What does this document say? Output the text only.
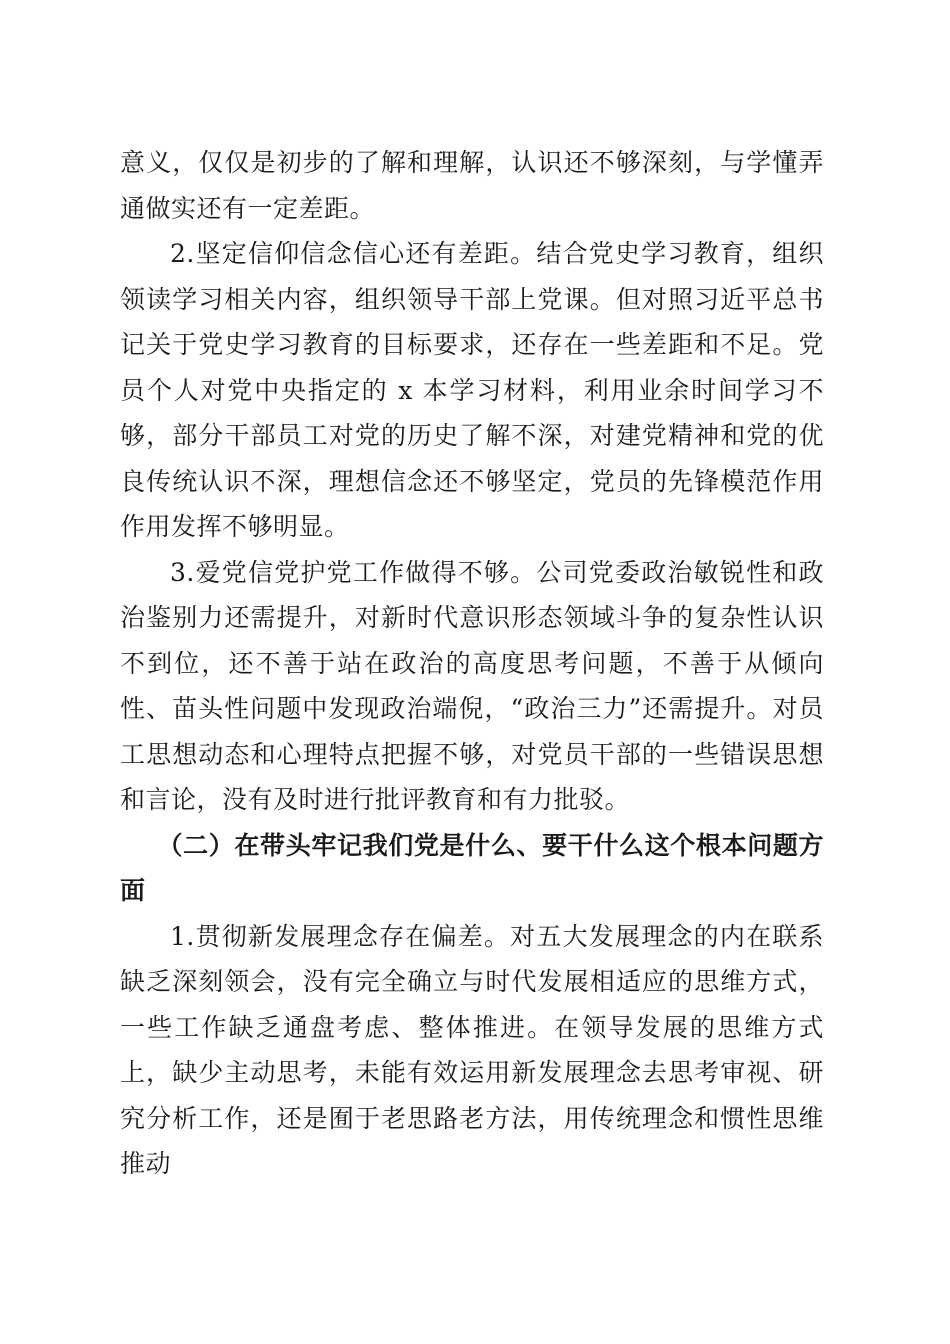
意义，仅仅是初步的了解和理解，认识还不够深刻，与学懂弄通做实还有一定差距。

2.坚定信仰信念信心还有差距。结合党史学习教育，组织领读学习相关内容，组织领导干部上党课。但对照习近平总书记关于党史学习教育的目标要求，还存在一些差距和不足。党员个人对党中央指定的 x 本学习材料，利用业余时间学习不够，部分干部员工对党的历史了解不深，对建党精神和党的优良传统认识不深，理想信念还不够坚定，党员的先锋模范作用作用发挥不够明显。

3.爱党信党护党工作做得不够。公司党委政治敏锐性和政治鉴别力还需提升，对新时代意识形态领域斗争的复杂性认识不到位，还不善于站在政治的高度思考问题，不善于从倾向性、苗头性问题中发现政治端倪，“政治三力”还需提升。对员工思想动态和心理特点把握不够，对党员干部的一些错误思想和言论，没有及时进行批评教育和有力批驳。

（二）在带头牢记我们党是什么、要干什么这个根本问题方面

1.贯彻新发展理念存在偏差。对五大发展理念的内在联系缺乏深刻领会，没有完全确立与时代发展相适应的思维方式，一些工作缺乏通盘考虑、整体推进。在领导发展的思维方式上，缺少主动思考，未能有效运用新发展理念去思考审视、研究分析工作，还是囿于老思路老方法，用传统理念和惯性思维推动
